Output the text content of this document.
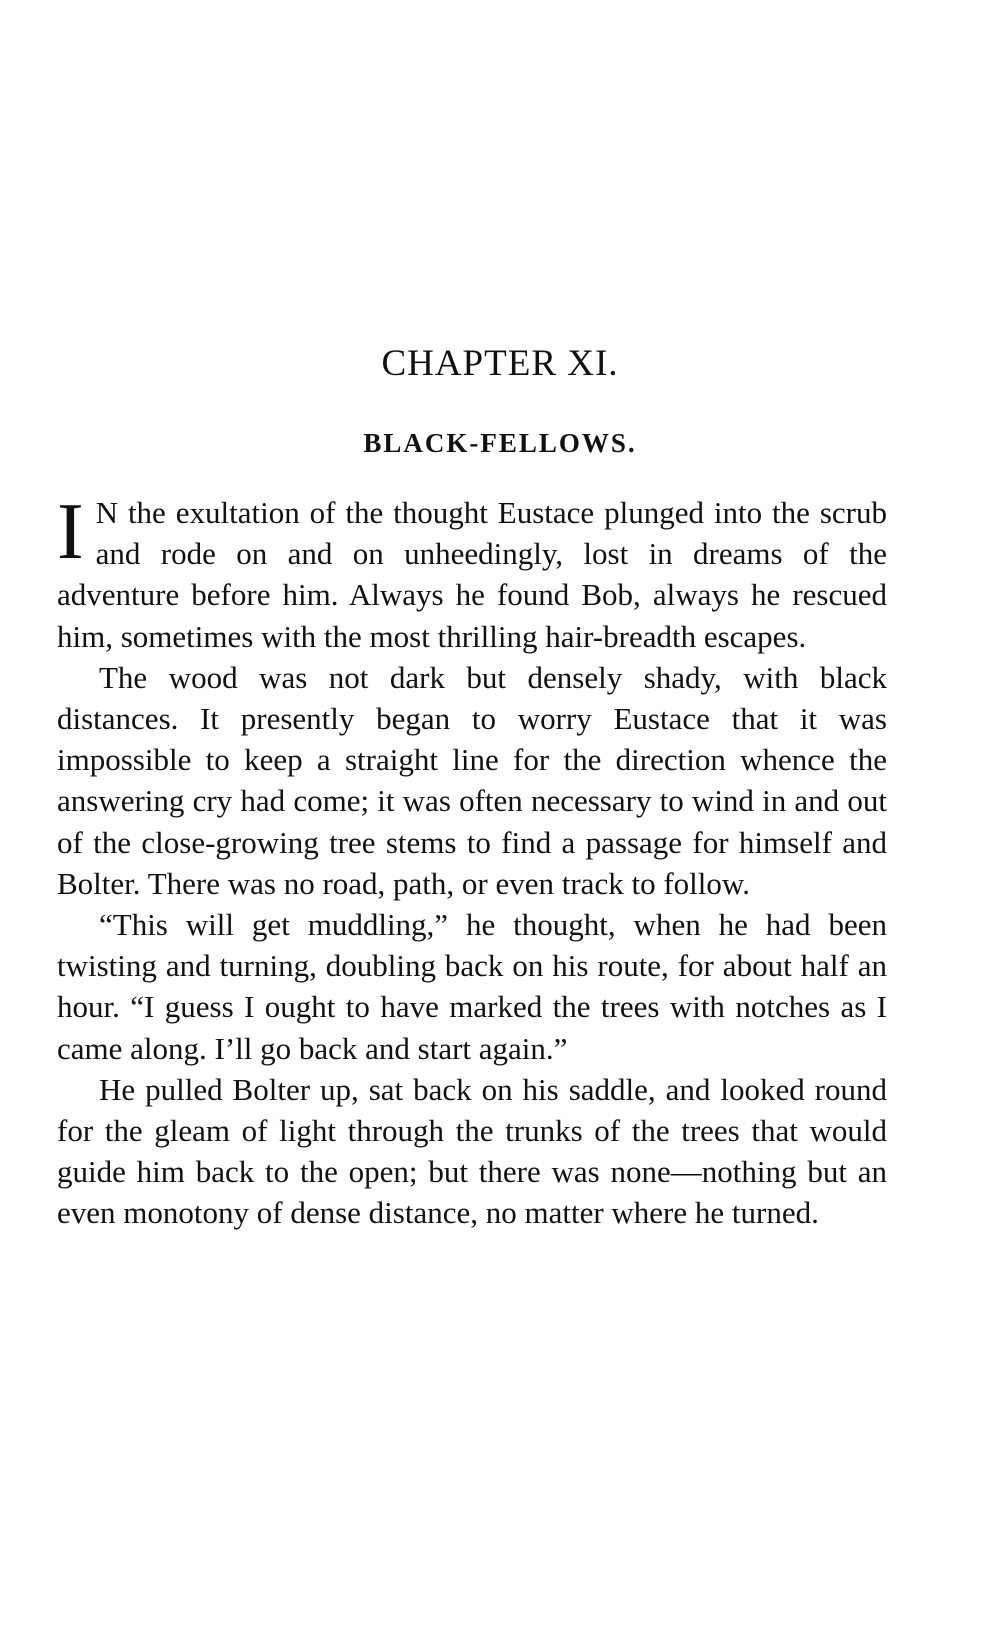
CHAPTER XI.
BLACK-FELLOWS.

I N the exultation of the thought Eustace plunged into the scrub and rode on and on unheedingly, lost in dreams of the adventure before him. Always he found Bob, always he rescued him, sometimes with the most thrilling hair-breadth escapes.

The wood was not dark but densely shady, with black distances. It presently began to worry Eustace that it was impossible to keep a straight line for the direction whence the answering cry had come; it was often necessary to wind in and out of the close-growing tree stems to find a passage for himself and Bolter. There was no road, path, or even track to follow.

“This will get muddling,” he thought, when he had been twisting and turning, doubling back on his route, for about half an hour. “I guess I ought to have marked the trees with notches as I came along. I’ll go back and start again.”

He pulled Bolter up, sat back on his saddle, and looked round for the gleam of light through the trunks of the trees that would guide him back to the open; but there was none—nothing but an even monotony of dense distance, no matter where he turned.
